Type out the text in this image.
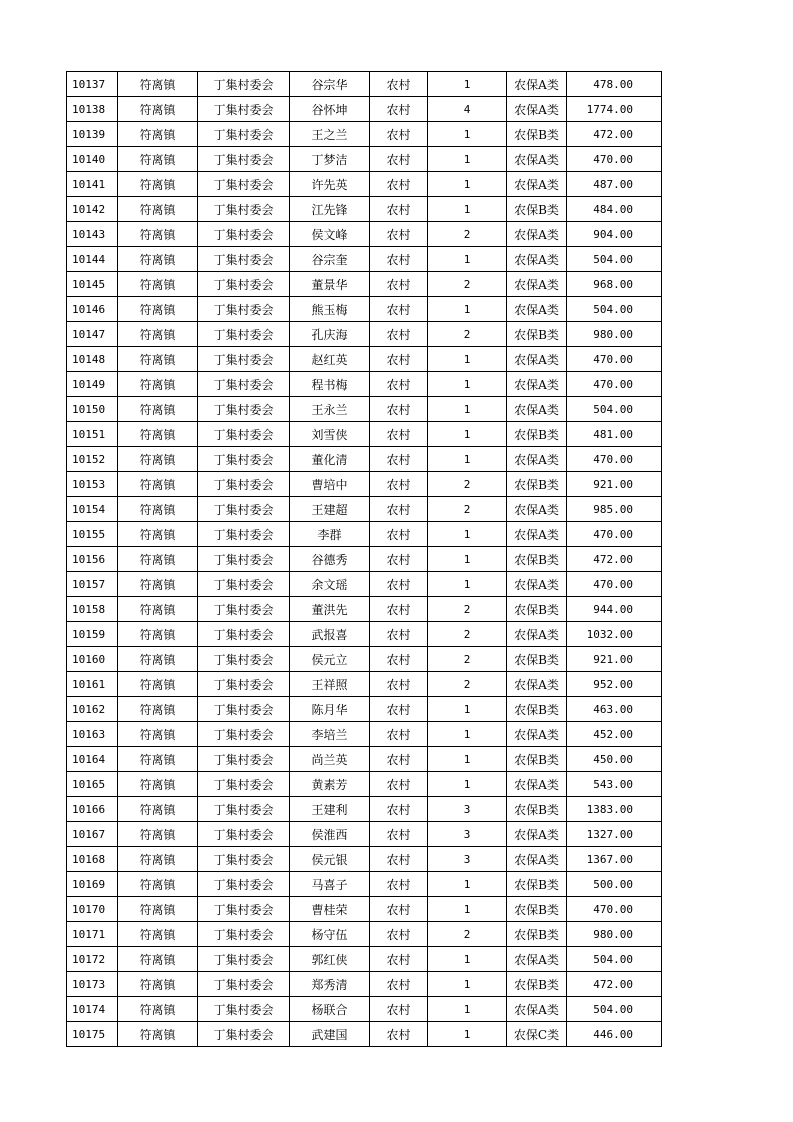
10137	符离镇	丁集村委会	谷宗华	农村	1	农保A类	478.00
10138	符离镇	丁集村委会	谷怀坤	农村	4	农保A类	1774.00
10139	符离镇	丁集村委会	王之兰	农村	1	农保B类	472.00
10140	符离镇	丁集村委会	丁梦洁	农村	1	农保A类	470.00
10141	符离镇	丁集村委会	许先英	农村	1	农保A类	487.00
10142	符离镇	丁集村委会	江先锋	农村	1	农保B类	484.00
10143	符离镇	丁集村委会	侯文峰	农村	2	农保A类	904.00
10144	符离镇	丁集村委会	谷宗奎	农村	1	农保A类	504.00
10145	符离镇	丁集村委会	董景华	农村	2	农保A类	968.00
10146	符离镇	丁集村委会	熊玉梅	农村	1	农保A类	504.00
10147	符离镇	丁集村委会	孔庆海	农村	2	农保B类	980.00
10148	符离镇	丁集村委会	赵红英	农村	1	农保A类	470.00
10149	符离镇	丁集村委会	程书梅	农村	1	农保A类	470.00
10150	符离镇	丁集村委会	王永兰	农村	1	农保A类	504.00
10151	符离镇	丁集村委会	刘雪侠	农村	1	农保B类	481.00
10152	符离镇	丁集村委会	董化清	农村	1	农保A类	470.00
10153	符离镇	丁集村委会	曹培中	农村	2	农保B类	921.00
10154	符离镇	丁集村委会	王建超	农村	2	农保A类	985.00
10155	符离镇	丁集村委会	李群	农村	1	农保A类	470.00
10156	符离镇	丁集村委会	谷德秀	农村	1	农保B类	472.00
10157	符离镇	丁集村委会	余文瑶	农村	1	农保A类	470.00
10158	符离镇	丁集村委会	董洪先	农村	2	农保B类	944.00
10159	符离镇	丁集村委会	武报喜	农村	2	农保A类	1032.00
10160	符离镇	丁集村委会	侯元立	农村	2	农保B类	921.00
10161	符离镇	丁集村委会	王祥照	农村	2	农保A类	952.00
10162	符离镇	丁集村委会	陈月华	农村	1	农保B类	463.00
10163	符离镇	丁集村委会	李培兰	农村	1	农保A类	452.00
10164	符离镇	丁集村委会	尚兰英	农村	1	农保B类	450.00
10165	符离镇	丁集村委会	黄素芳	农村	1	农保A类	543.00
10166	符离镇	丁集村委会	王建利	农村	3	农保B类	1383.00
10167	符离镇	丁集村委会	侯淮西	农村	3	农保A类	1327.00
10168	符离镇	丁集村委会	侯元银	农村	3	农保A类	1367.00
10169	符离镇	丁集村委会	马喜子	农村	1	农保B类	500.00
10170	符离镇	丁集村委会	曹桂荣	农村	1	农保B类	470.00
10171	符离镇	丁集村委会	杨守伍	农村	2	农保B类	980.00
10172	符离镇	丁集村委会	郭红侠	农村	1	农保A类	504.00
10173	符离镇	丁集村委会	郑秀清	农村	1	农保B类	472.00
10174	符离镇	丁集村委会	杨联合	农村	1	农保A类	504.00
10175	符离镇	丁集村委会	武建国	农村	1	农保C类	446.00
